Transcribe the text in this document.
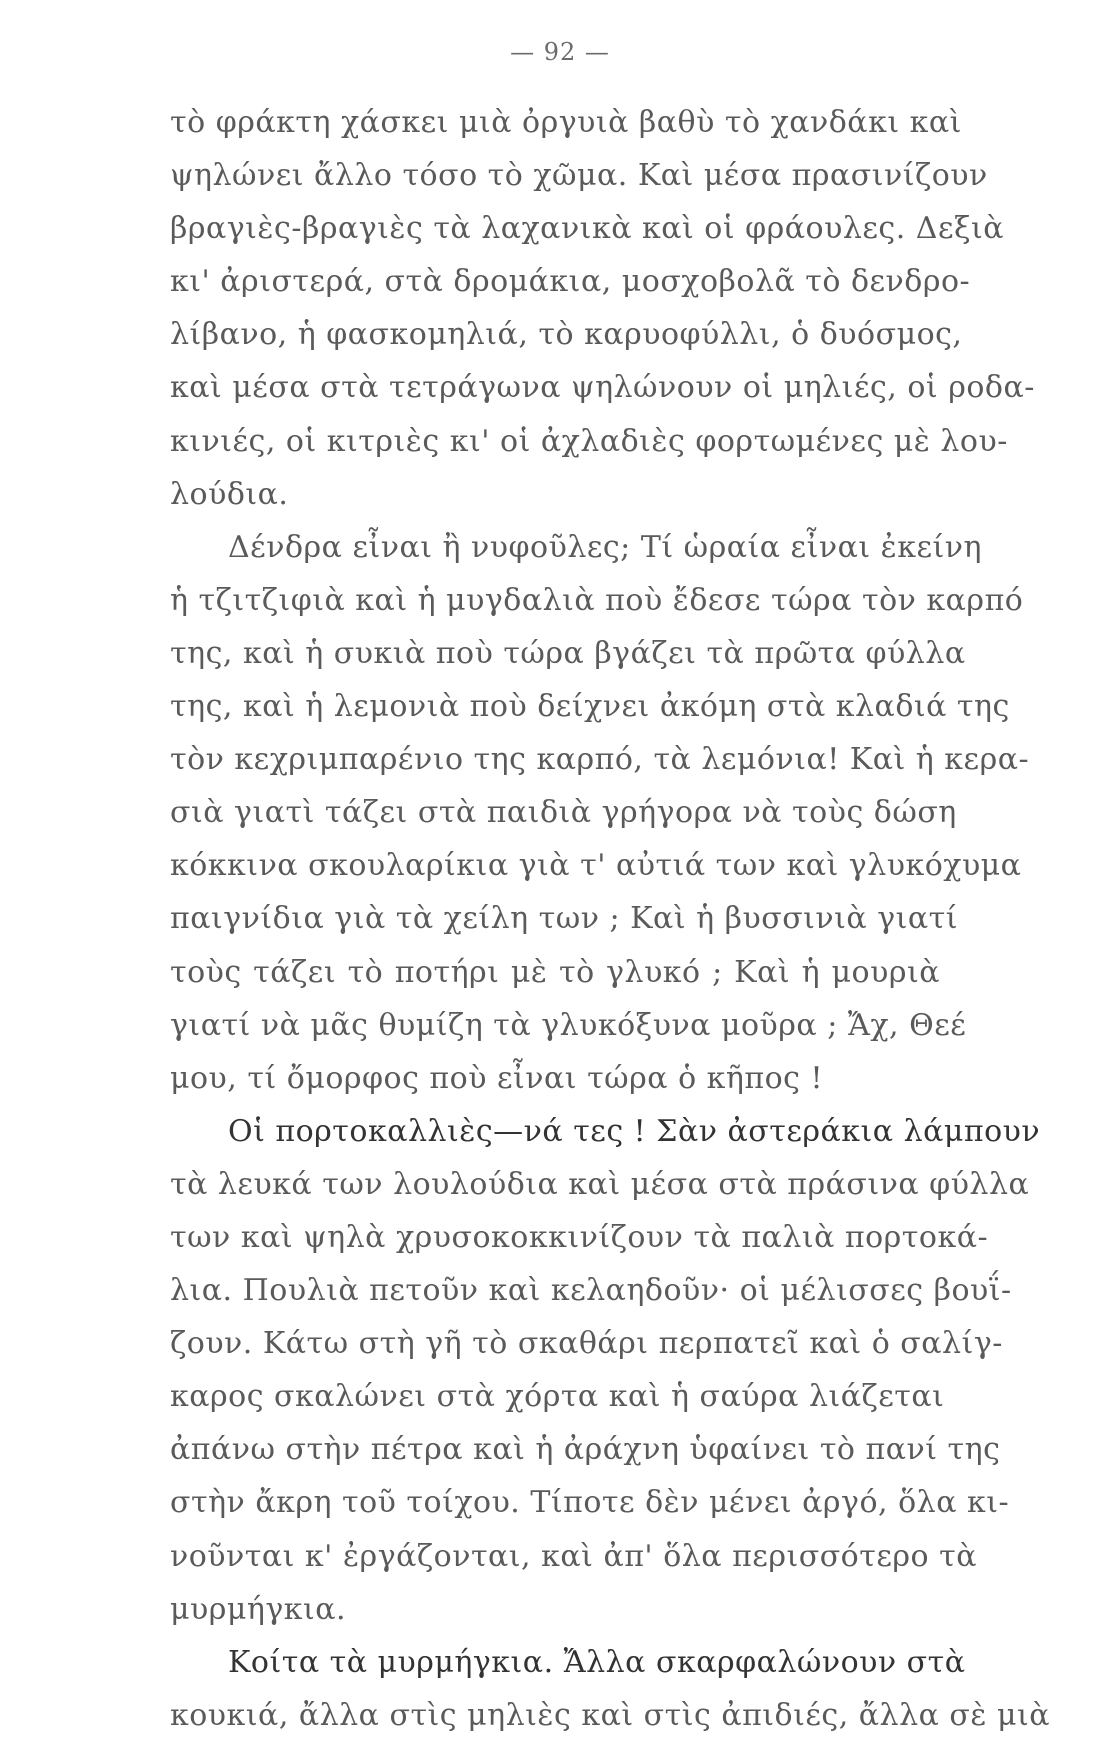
— 92 —
τὸ φράκτη χάσκει μιὰ ὀργυιὰ βαθὺ τὸ χανδάκι καὶ
ψηλώνει ἄλλο τόσο τὸ χῶμα. Καὶ μέσα πρασινίζουν
βραγιὲς-βραγιὲς τὰ λαχανικὰ καὶ οἱ φράουλες. Δεξιὰ
κι' ἀριστερά, στὰ δρομάκια, μοσχοβολᾶ τὸ δενδρο-
λίβανο, ἡ φασκομηλιά, τὸ καρυοφύλλι, ὁ δυόσμος,
καὶ μέσα στὰ τετράγωνα ψηλώνουν οἱ μηλιές, οἱ ροδα-
κινιές, οἱ κιτριὲς κι' οἱ ἀχλαδιὲς φορτωμένες μὲ λου-
λούδια.
Δένδρα εἶναι ἢ νυφοῦλες; Τί ὡραία εἶναι ἐκείνη
ἡ τζιτζιφιὰ καὶ ἡ μυγδαλιὰ ποὺ ἔδεσε τώρα τὸν καρπό
της, καὶ ἡ συκιὰ ποὺ τώρα βγάζει τὰ πρῶτα φύλλα
της, καὶ ἡ λεμονιὰ ποὺ δείχνει ἀκόμη στὰ κλαδιά της
τὸν κεχριμπαρένιο της καρπό, τὰ λεμόνια! Καὶ ἡ κερα-
σιὰ γιατὶ τάζει στὰ παιδιὰ γρήγορα νὰ τοὺς δώση
κόκκινα σκουλαρίκια γιὰ τ' αὐτιά των καὶ γλυκόχυμα
παιγνίδια γιὰ τὰ χείλη των ; Καὶ ἡ βυσσινιὰ γιατί
τοὺς τάζει τὸ ποτήρι μὲ τὸ γλυκό ; Καὶ ἡ μουριὰ
γιατί νὰ μᾶς θυμίζη τὰ γλυκόξυνα μοῦρα ; Ἄχ, Θεέ
μου, τί ὄμορφος ποὺ εἶναι τώρα ὁ κῆπος !
Οἱ πορτοκαλλιὲς—νά τες ! Σὰν ἀστεράκια λάμπουν
τὰ λευκά των λουλούδια καὶ μέσα στὰ πράσινα φύλλα
των καὶ ψηλὰ χρυσοκοκκινίζουν τὰ παλιὰ πορτοκά-
λια. Πουλιὰ πετοῦν καὶ κελαηδοῦν· οἱ μέλισσες βουΐ-
ζουν. Κάτω στὴ γῆ τὸ σκαθάρι περπατεῖ καὶ ὁ σαλίγ-
καρος σκαλώνει στὰ χόρτα καὶ ἡ σαύρα λιάζεται
ἀπάνω στὴν πέτρα καὶ ἡ ἀράχνη ὑφαίνει τὸ πανί της
στὴν ἄκρη τοῦ τοίχου. Τίποτε δὲν μένει ἀργό, ὅλα κι-
νοῦνται κ' ἐργάζονται, καὶ ἀπ' ὅλα περισσότερο τὰ
μυρμήγκια.
Κοίτα τὰ μυρμήγκια. Ἄλλα σκαρφαλώνουν στὰ
κουκιά, ἄλλα στὶς μηλιὲς καὶ στὶς ἀπιδιές, ἄλλα σὲ μιὰ
